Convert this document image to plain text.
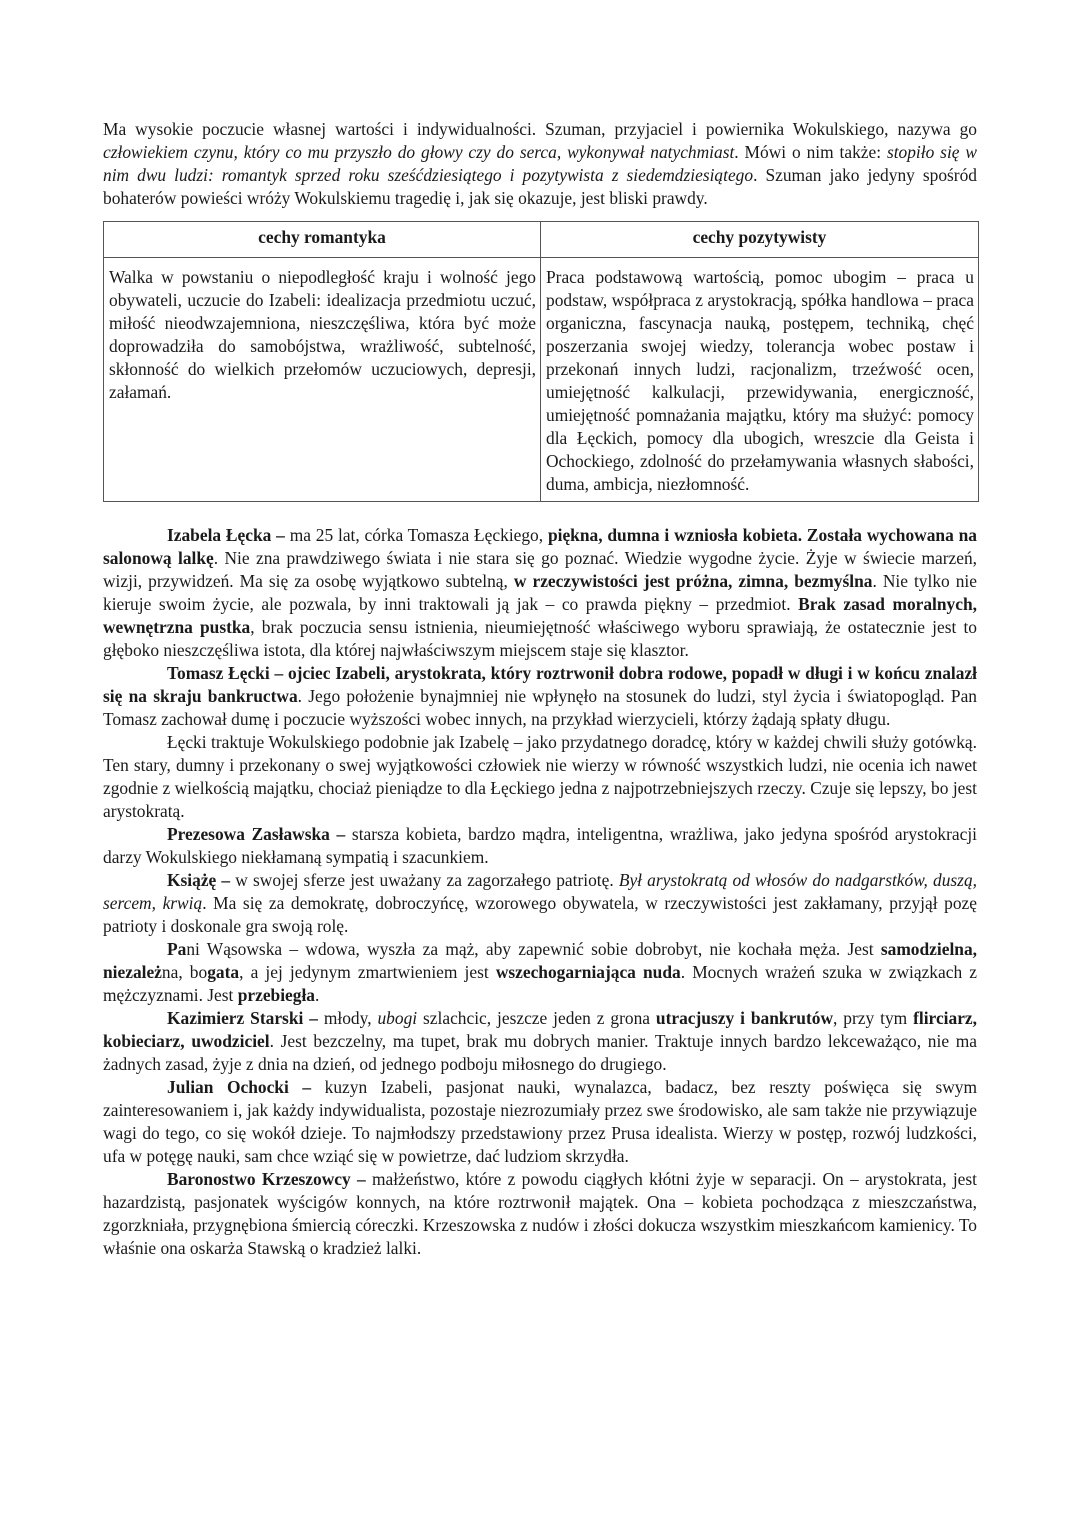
Ma wysokie poczucie własnej wartości i indywidualności. Szuman, przyjaciel i powiernika Wokulskiego, nazywa go człowiekiem czynu, który co mu przyszło do głowy czy do serca, wykonywał natychmiast. Mówi o nim także: stopiło się w nim dwu ludzi: romantyk sprzed roku sześćdziesiątego i pozytywista z siedemdziesiątego. Szuman jako jedyny spośród bohaterów powieści wróży Wokulskiemu tragedię i, jak się okazuje, jest bliski prawdy.

cechy romantyka	cechy pozytywisty
Walka w powstaniu o niepodległość kraju i wolność jego obywateli, uczucie do Izabeli: idealizacja przedmiotu uczuć, miłość nieodwzajemniona, nieszczęśliwa, która być może doprowadziła do samobójstwa, wrażliwość, subtelność, skłonność do wielkich przełomów uczuciowych, depresji, załamań.	Praca podstawową wartością, pomoc ubogim – praca u podstaw, współpraca z arystokracją, spółka handlowa – praca organiczna, fascynacja nauką, postępem, techniką, chęć poszerzania swojej wiedzy, tolerancja wobec postaw i przekonań innych ludzi, racjonalizm, trzeźwość ocen, umiejętność kalkulacji, przewidywania, energiczność, umiejętność pomnażania majątku, który ma służyć: pomocy dla Łęckich, pomocy dla ubogich, wreszcie dla Geista i Ochockiego, zdolność do przełamywania własnych słabości, duma, ambicja, niezłomność.

Izabela Łęcka – ma 25 lat, córka Tomasza Łęckiego, piękna, dumna i wzniosła kobieta. Została wychowana na salonową lalkę. Nie zna prawdziwego świata i nie stara się go poznać. Wiedzie wygodne życie. Żyje w świecie marzeń, wizji, przywidzeń. Ma się za osobę wyjątkowo subtelną, w rzeczywistości jest próżna, zimna, bezmyślna. Nie tylko nie kieruje swoim życie, ale pozwala, by inni traktowali ją jak – co prawda piękny – przedmiot. Brak zasad moralnych, wewnętrzna pustka, brak poczucia sensu istnienia, nieumiejętność właściwego wyboru sprawiają, że ostatecznie jest to głęboko nieszczęśliwa istota, dla której najwłaściwszym miejscem staje się klasztor.

Tomasz Łęcki – ojciec Izabeli, arystokrata, który roztrwonił dobra rodowe, popadł w długi i w końcu znalazł się na skraju bankructwa. Jego położenie bynajmniej nie wpłynęło na stosunek do ludzi, styl życia i światopogląd. Pan Tomasz zachował dumę i poczucie wyższości wobec innych, na przykład wierzycieli, którzy żądają spłaty długu.

Łęcki traktuje Wokulskiego podobnie jak Izabelę – jako przydatnego doradcę, który w każdej chwili służy gotówką. Ten stary, dumny i przekonany o swej wyjątkowości człowiek nie wierzy w równość wszystkich ludzi, nie ocenia ich nawet zgodnie z wielkością majątku, chociaż pieniądze to dla Łęckiego jedna z najpotrzebniejszych rzeczy. Czuje się lepszy, bo jest arystokratą.

Prezesowa Zasławska – starsza kobieta, bardzo mądra, inteligentna, wrażliwa, jako jedyna spośród arystokracji darzy Wokulskiego niekłamaną sympatią i szacunkiem.

Książę – w swojej sferze jest uważany za zagorzałego patriotę. Był arystokratą od włosów do nadgarstków, duszą, sercem, krwią. Ma się za demokratę, dobroczyńcę, wzorowego obywatela, w rzeczywistości jest zakłamany, przyjął pozę patrioty i doskonale gra swoją rolę.

Pani Wąsowska – wdowa, wyszła za mąż, aby zapewnić sobie dobrobyt, nie kochała męża. Jest samodzielna, niezależna, bogata, a jej jedynym zmartwieniem jest wszechogarniająca nuda. Mocnych wrażeń szuka w związkach z mężczyznami. Jest przebiegła.

Kazimierz Starski – młody, ubogi szlachcic, jeszcze jeden z grona utracjuszy i bankrutów, przy tym flirciarz, kobieciarz, uwodziciel. Jest bezczelny, ma tupet, brak mu dobrych manier. Traktuje innych bardzo lekceważąco, nie ma żadnych zasad, żyje z dnia na dzień, od jednego podboju miłosnego do drugiego.

Julian Ochocki – kuzyn Izabeli, pasjonat nauki, wynalazca, badacz, bez reszty poświęca się swym zainteresowaniem i, jak każdy indywidualista, pozostaje niezrozumiały przez swe środowisko, ale sam także nie przywiązuje wagi do tego, co się wokół dzieje. To najmłodszy przedstawiony przez Prusa idealista. Wierzy w postęp, rozwój ludzkości, ufa w potęgę nauki, sam chce wziąć się w powietrze, dać ludziom skrzydła.

Baronostwo Krzeszowcy – małżeństwo, które z powodu ciągłych kłótni żyje w separacji. On – arystokrata, jest hazardzistą, pasjonatek wyścigów konnych, na które roztrwonił majątek. Ona – kobieta pochodząca z mieszczaństwa, zgorzkniała, przygnębiona śmiercią córeczki. Krzeszowska z nudów i złości dokucza wszystkim mieszkańcom kamienicy. To właśnie ona oskarża Stawską o kradzież lalki.
